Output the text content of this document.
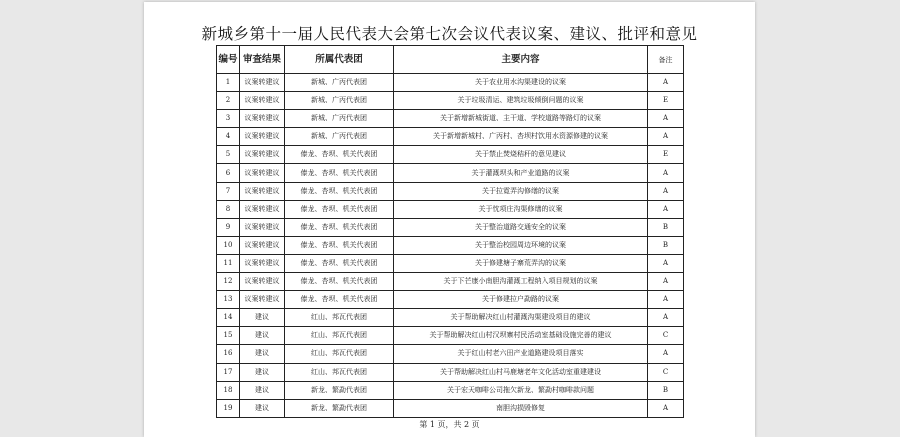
新城乡第十一届人民代表大会第七次会议代表议案、建议、批评和意见
编号	审查结果	所属代表团	主要内容	备注
1	议案转建议	新城、广丙代表团	关于农业用水沟渠建设的议案	A
2	议案转建议	新城、广丙代表团	关于垃圾清运、建筑垃圾倾倒问题的议案	E
3	议案转建议	新城、广丙代表团	关于新增新城街道、主干道、学校道路等路灯的议案	A
4	议案转建议	新城、广丙代表团	关于新增新城村、广丙村、杏坝村饮用水资源修建的议案	A
5	议案转建议	傣龙、杏坝、机关代表团	关于禁止焚烧秸秆的意见建议	E
6	议案转建议	傣龙、杏坝、机关代表团	关于灌溉坝头和产业道路的议案	A
7	议案转建议	傣龙、杏坝、机关代表团	关于拉霓弄沟修缮的议案	A
8	议案转建议	傣龙、杏坝、机关代表团	关于忱项庄沟渠修缮的议案	A
9	议案转建议	傣龙、杏坝、机关代表团	关于整治道路交通安全的议案	B
10	议案转建议	傣龙、杏坝、机关代表团	关于整治校园周边环境的议案	B
11	议案转建议	傣龙、杏坝、机关代表团	关于修建塘子寨荒弄沟的议案	A
12	议案转建议	傣龙、杏坝、机关代表团	关于下芒康小南胆沟灌溉工程纳入项目规划的议案	A
13	议案转建议	傣龙、杏坝、机关代表团	关于修建拉户勐路的议案	A
14	建议	红山、邦瓦代表团	关于帮助解决红山村灌溉沟渠建设项目的建议	A
15	建议	红山、邦瓦代表团	关于帮助解决红山村汉坝寨村民活动室基础设施完善的建议	C
16	建议	红山、邦瓦代表团	关于红山村老六田产业道路建设项目落实	A
17	建议	红山、邦瓦代表团	关于帮助解决红山村马鹿塘老年文化活动室重建建设	C
18	建议	新龙、繁勐代表团	关于宏天咖啡公司拖欠新龙、繁勐村咖啡款问题	B
19	建议	新龙、繁勐代表团	南胆沟损毁修复	A
第 1 页，共 2 页
